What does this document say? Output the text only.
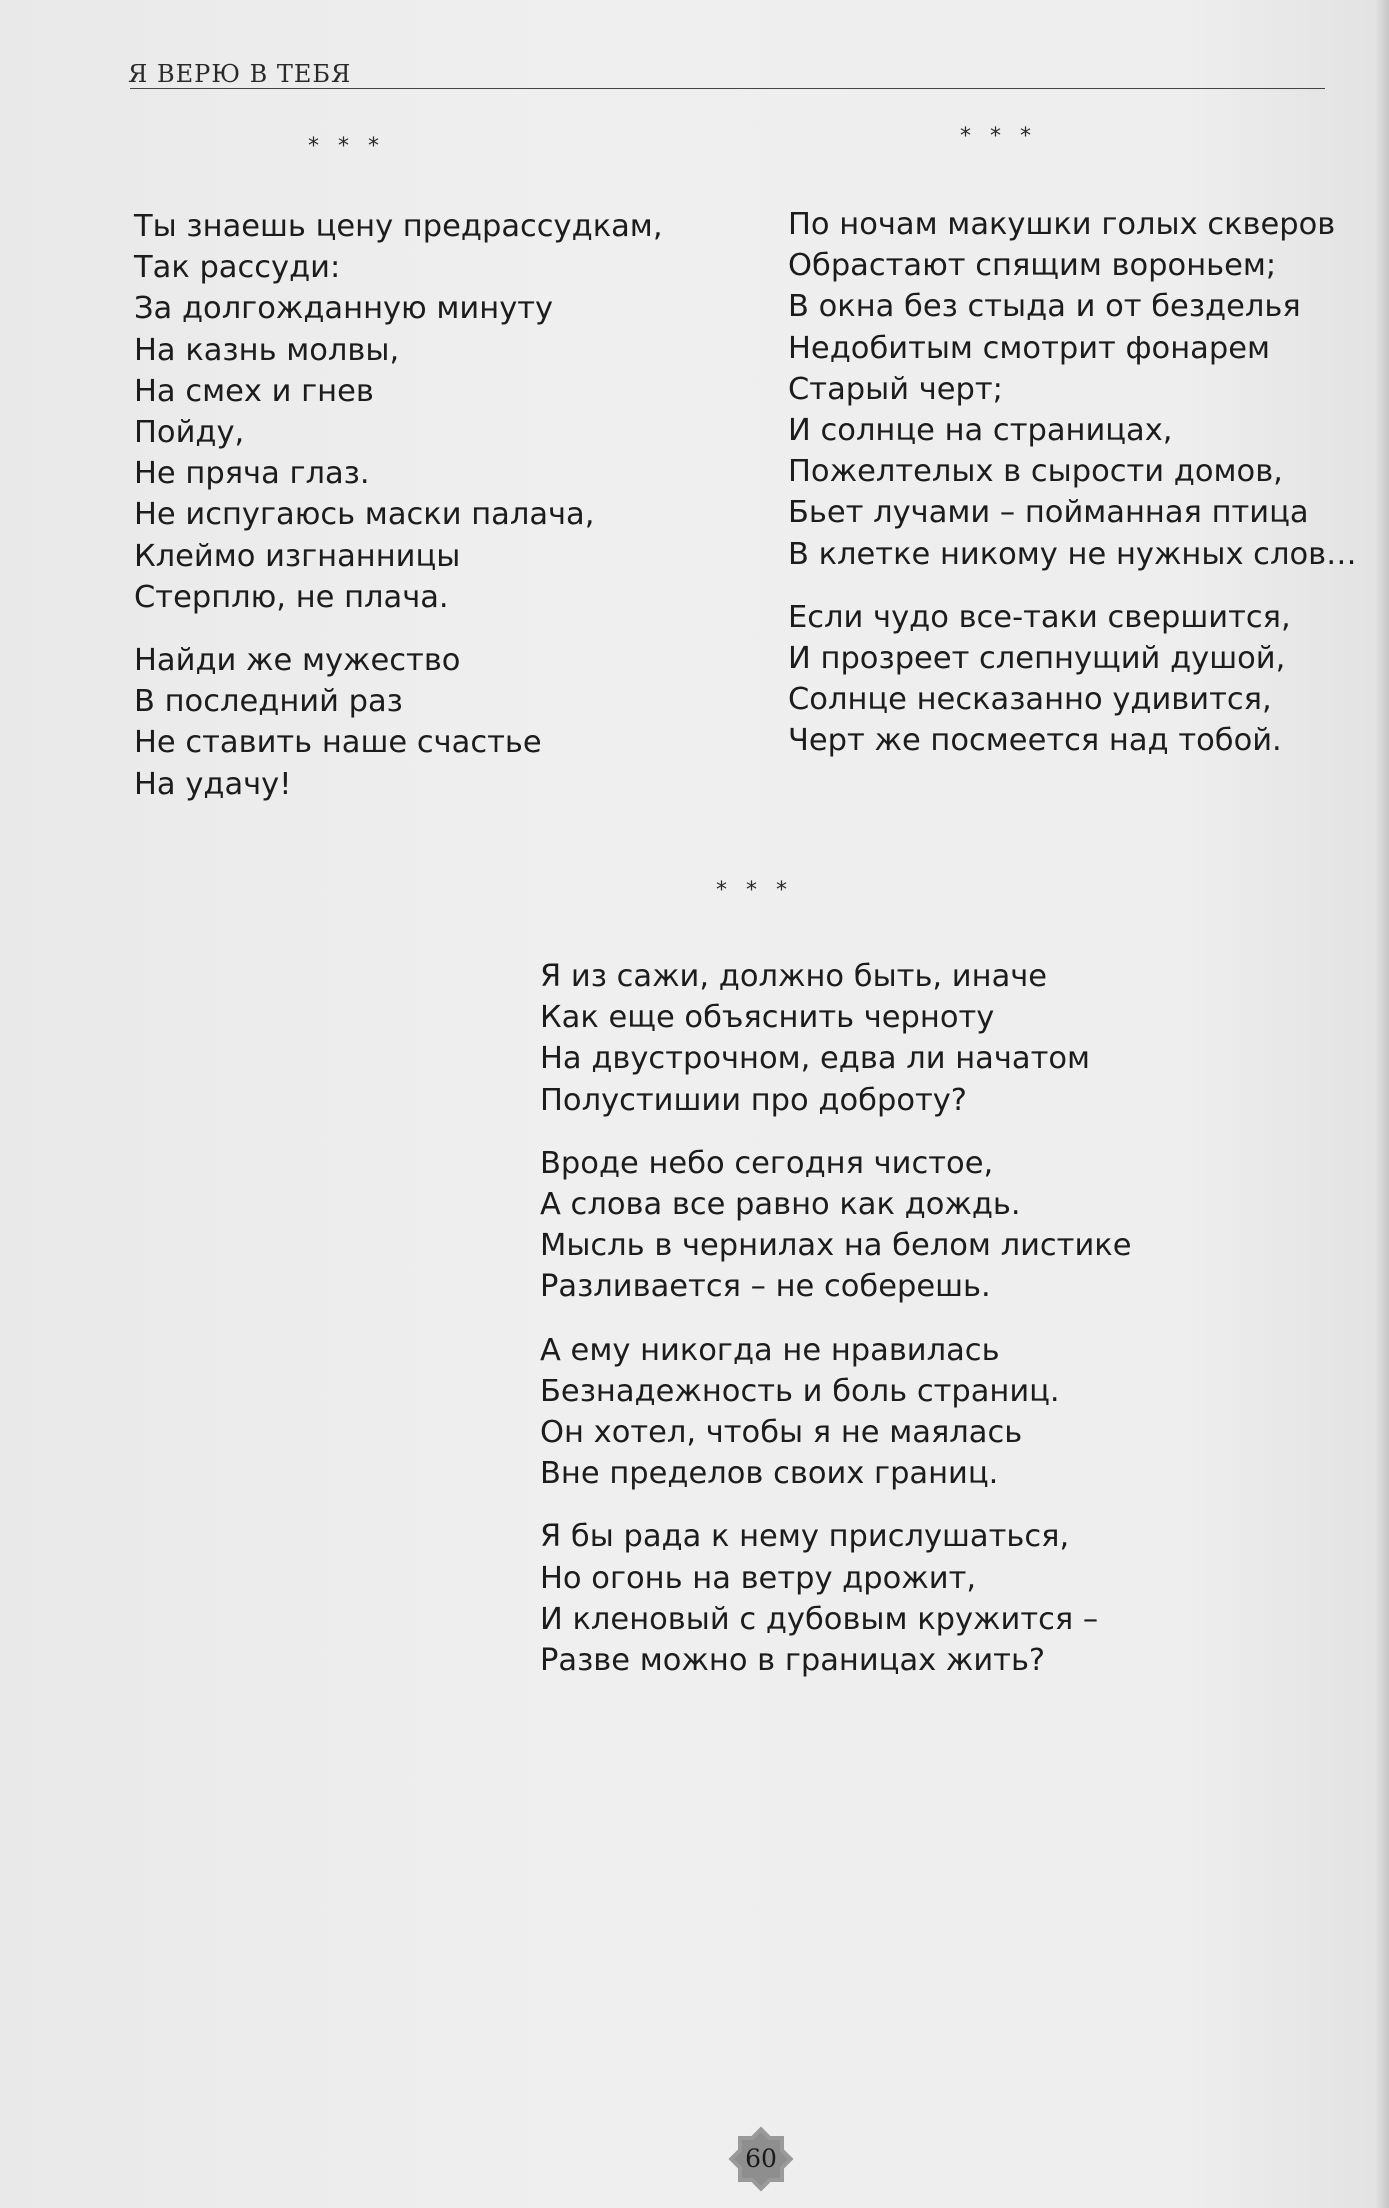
Я ВЕРЮ В ТЕБЯ
* * *
Ты знаешь цену предрассудкам,
Так рассуди:
За долгожданную минуту
На казнь молвы,
На смех и гнев
Пойду,
Не пряча глаз.
Не испугаюсь маски палача,
Клеймо изгнанницы
Стерплю, не плача.
Найди же мужество
В последний раз
Не ставить наше счастье
На удачу!
* * *
По ночам макушки голых скверов
Обрастают спящим вороньем;
В окна без стыда и от безделья
Недобитым смотрит фонарем
Старый черт;
И солнце на страницах,
Пожелтелых в сырости домов,
Бьет лучами – пойманная птица
В клетке никому не нужных слов…
Если чудо все-таки свершится,
И прозреет слепнущий душой,
Солнце несказанно удивится,
Черт же посмеется над тобой.
* * *
Я из сажи, должно быть, иначе
Как еще объяснить черноту
На двустрочном, едва ли начатом
Полустишии про доброту?
Вроде небо сегодня чистое,
А слова все равно как дождь.
Мысль в чернилах на белом листике
Разливается – не соберешь.
А ему никогда не нравилась
Безнадежность и боль страниц.
Он хотел, чтобы я не маялась
Вне пределов своих границ.
Я бы рада к нему прислушаться,
Но огонь на ветру дрожит,
И кленовый с дубовым кружится –
Разве можно в границах жить?
60
